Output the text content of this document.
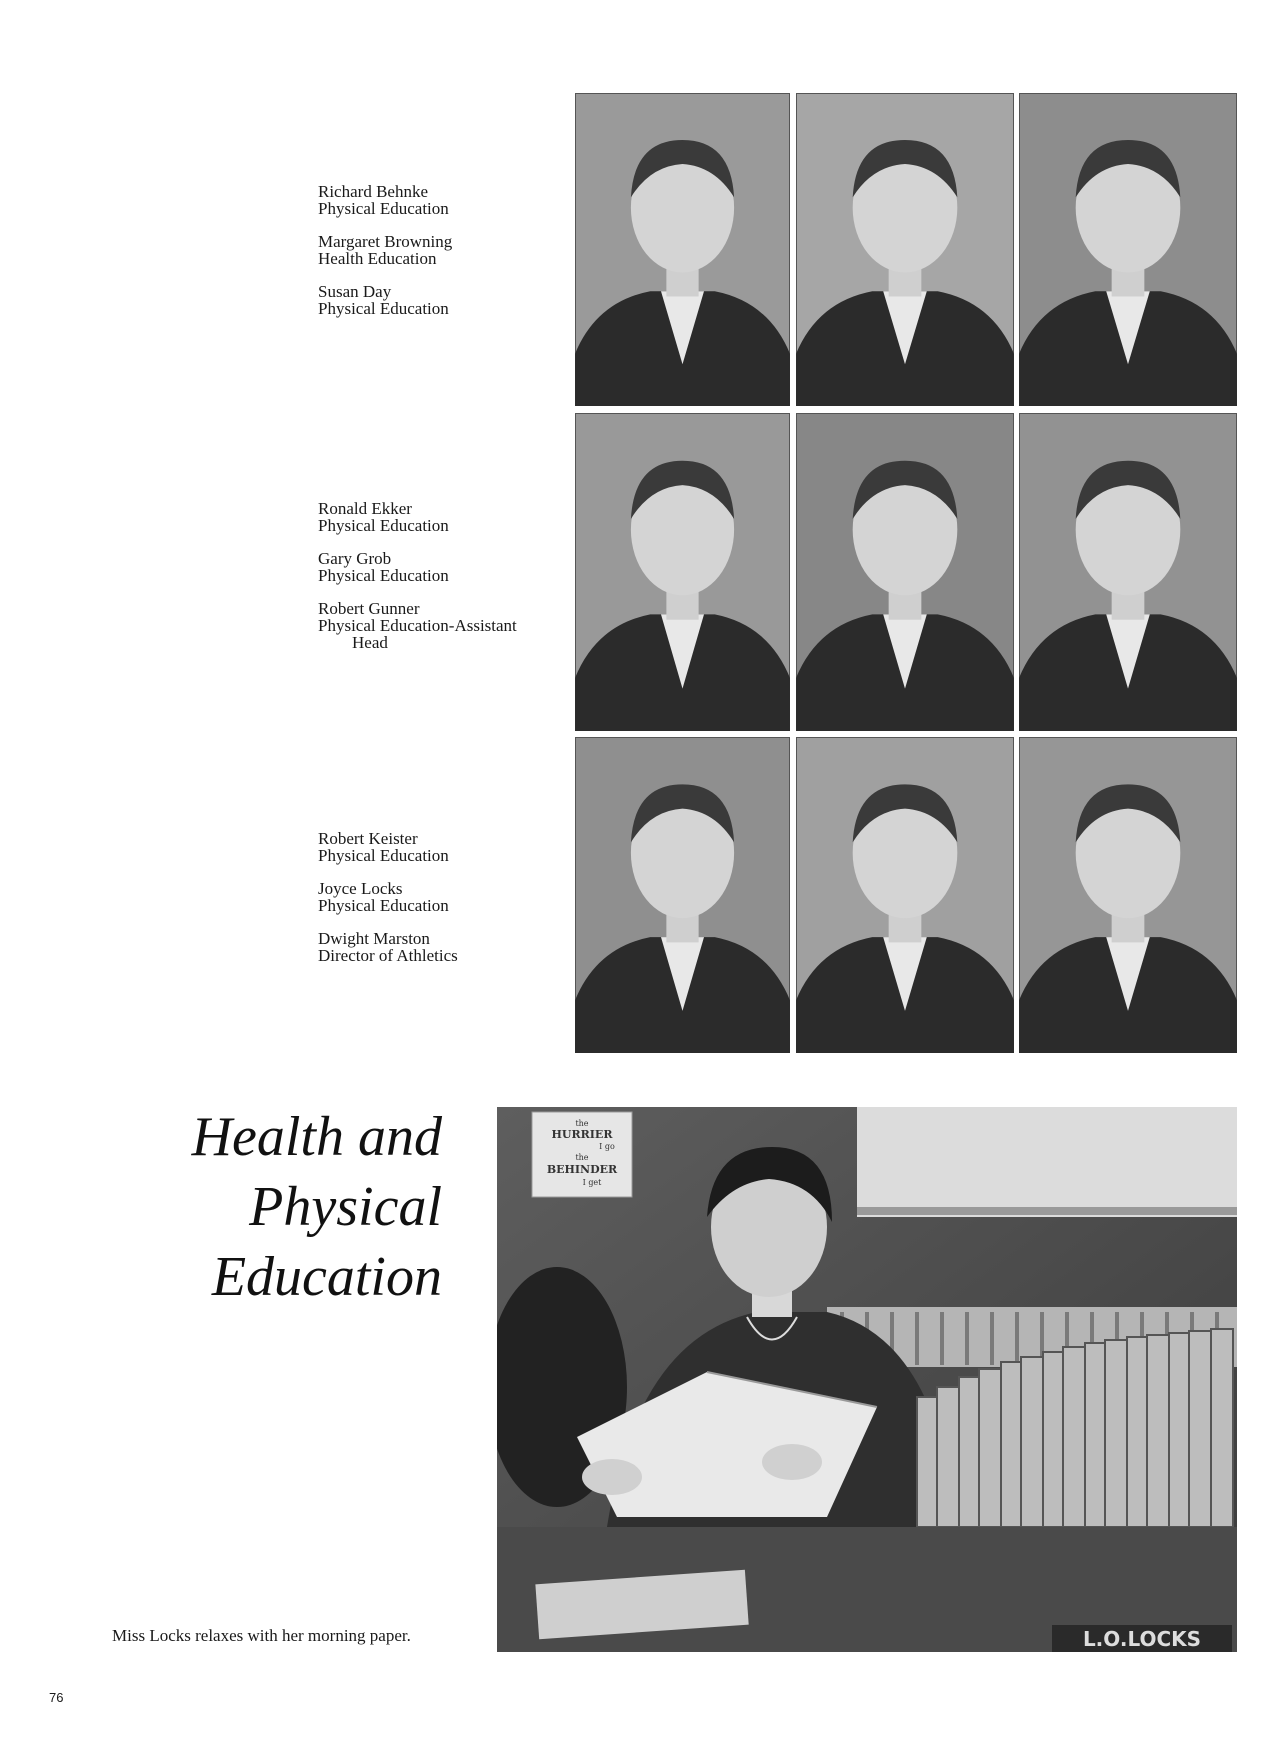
Richard Behnke
Physical Education
Margaret Browning
Health Education
Susan Day
Physical Education
Ronald Ekker
Physical Education
Gary Grob
Physical Education
Robert Gunner
Physical Education-Assistant
Head
Robert Keister
Physical Education
Joyce Locks
Physical Education
Dwight Marston
Director of Athletics
Health and
Physical
Education
the
HURRIER
I go
the
BEHINDER
I get
L.O.LOCKS
Miss Locks relaxes with her morning paper.
76
